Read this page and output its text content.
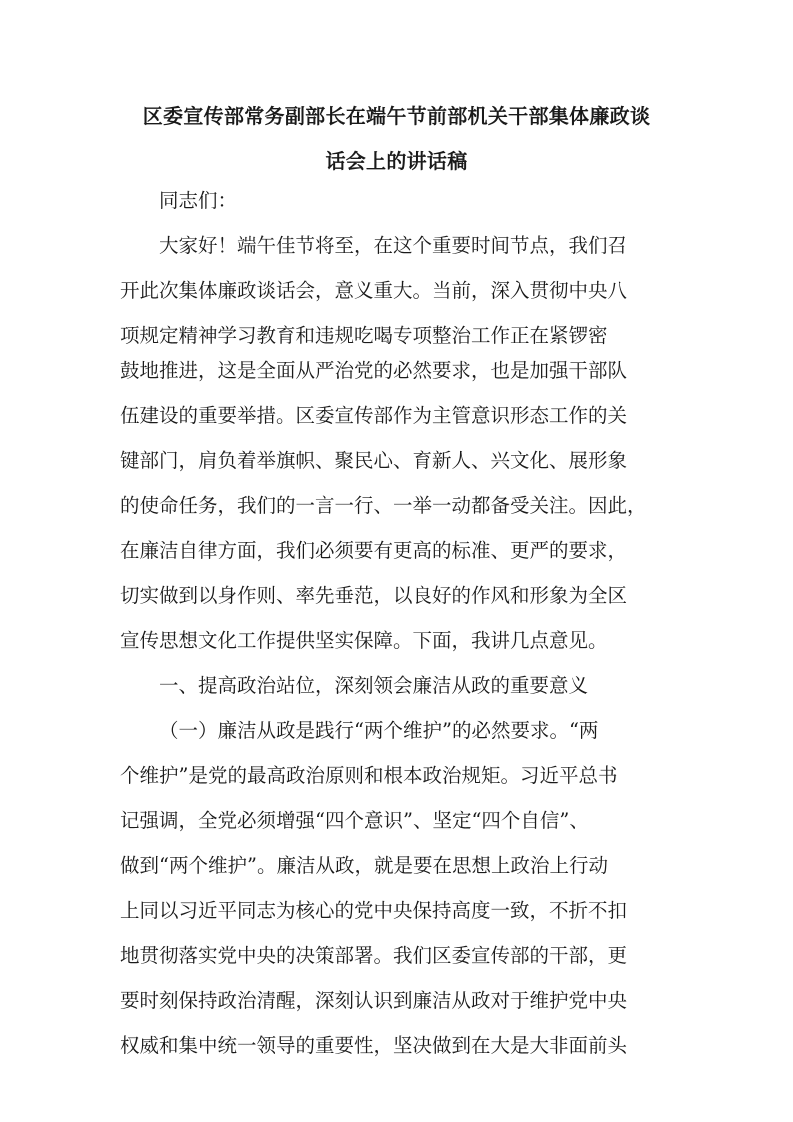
区委宣传部常务副部长在端午节前部机关干部集体廉政谈
话会上的讲话稿
同志们：
大家好！端午佳节将至，在这个重要时间节点，我们召
开此次集体廉政谈话会，意义重大。当前，深入贯彻中央八
项规定精神学习教育和违规吃喝专项整治工作正在紧锣密
鼓地推进，这是全面从严治党的必然要求，也是加强干部队
伍建设的重要举措。区委宣传部作为主管意识形态工作的关
键部门，肩负着举旗帜、聚民心、育新人、兴文化、展形象
的使命任务，我们的一言一行、一举一动都备受关注。因此，
在廉洁自律方面，我们必须要有更高的标准、更严的要求，
切实做到以身作则、率先垂范，以良好的作风和形象为全区
宣传思想文化工作提供坚实保障。下面，我讲几点意见。
一、提高政治站位，深刻领会廉洁从政的重要意义
（一）廉洁从政是践行“两个维护”的必然要求。“两
个维护”是党的最高政治原则和根本政治规矩。习近平总书
记强调，全党必须增强“四个意识”、坚定“四个自信”、
做到“两个维护”。廉洁从政，就是要在思想上政治上行动
上同以习近平同志为核心的党中央保持高度一致，不折不扣
地贯彻落实党中央的决策部署。我们区委宣传部的干部，更
要时刻保持政治清醒，深刻认识到廉洁从政对于维护党中央
权威和集中统一领导的重要性，坚决做到在大是大非面前头
